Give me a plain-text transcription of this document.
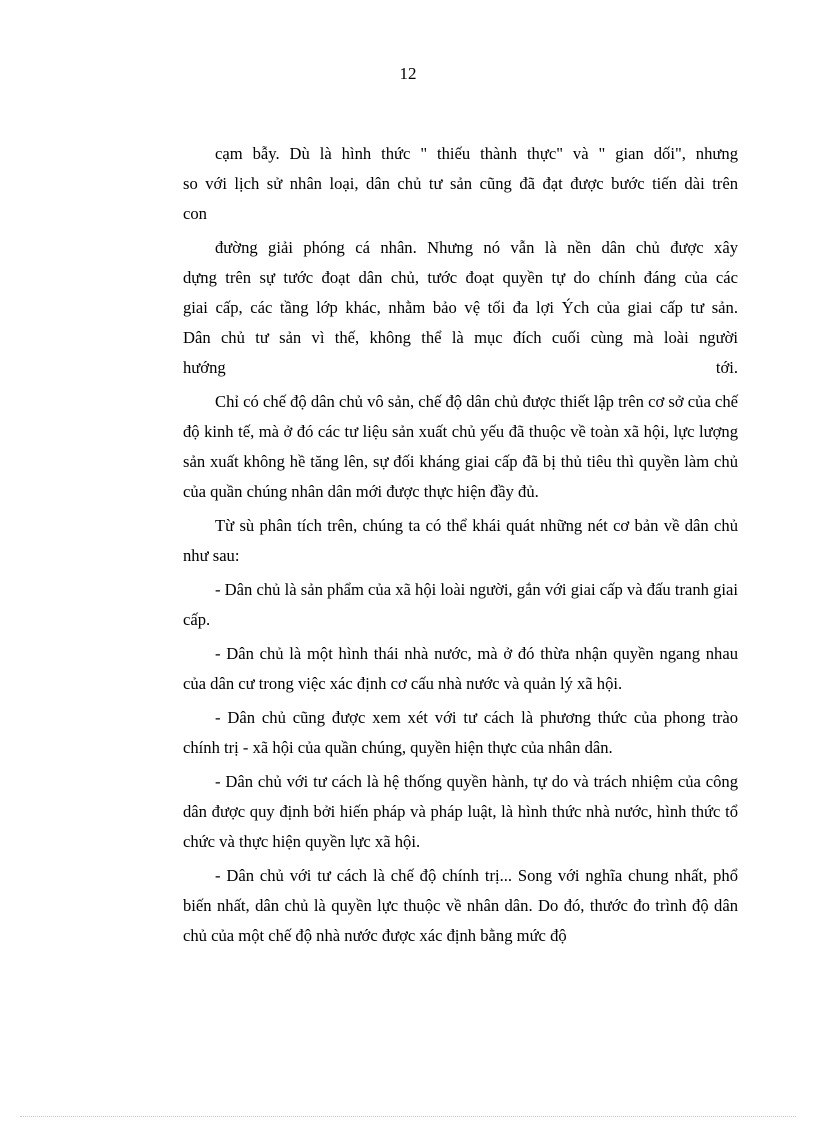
12

cạm bẫy. Dù là hình thức " thiếu thành thực" và " gian dối", nhưng
so với lịch sử nhân loại, dân chủ tư sản cũng đã đạt được bước tiến dài trên
con

đường giải phóng cá nhân. Nhưng nó vẫn là nền dân chủ được xây
dựng trên sự tước đoạt dân chủ, tước đoạt quyền tự do chính đáng của các
giai cấp, các tầng lớp khác, nhằm bảo vệ tối đa lợi Ých của giai cấp tư sản.
Dân chủ tư sản vì thế, không thể là mục đích cuối cùng mà loài người
hướng	tới.

Chỉ có chế độ dân chủ vô sản, chế độ dân chủ được thiết lập trên cơ sở của chế độ kinh tế, mà ở đó các tư liệu sản xuất chủ yếu đã thuộc về toàn xã hội, lực lượng sản xuất không hề tăng lên, sự đối kháng giai cấp đã bị thủ tiêu thì quyền làm chủ của quần chúng nhân dân mới được thực hiện đầy đủ.

Từ sù phân tích trên, chúng ta có thể khái quát những nét cơ bản về dân chủ như sau:

- Dân chủ là sản phẩm của xã hội loài người, gắn với giai cấp và đấu tranh giai cấp.

- Dân chủ là một hình thái nhà nước, mà ở đó thừa nhận quyền ngang nhau của dân cư trong việc xác định cơ cấu nhà nước và quản lý xã hội.

- Dân chủ cũng được xem xét với tư cách là phương thức của phong trào chính trị - xã hội của quần chúng, quyền hiện thực của nhân dân.

- Dân chủ với tư cách là hệ thống quyền hành, tự do và trách nhiệm của công dân được quy định bởi hiến pháp và pháp luật, là hình thức nhà nước, hình thức tổ chức và thực hiện quyền lực xã hội.

- Dân chủ với tư cách là chế độ chính trị... Song với nghĩa chung nhất, phổ biến nhất, dân chủ là quyền lực thuộc về nhân dân. Do đó, thước đo trình độ dân chủ của một chế độ nhà nước được xác định bằng mức độ
